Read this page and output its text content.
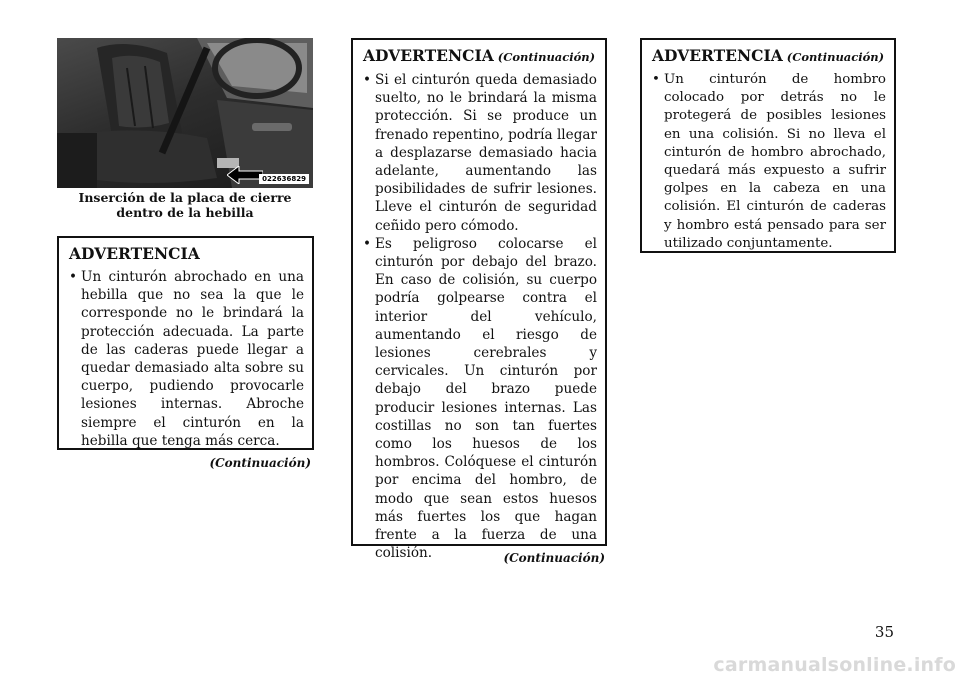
022636829
Inserción de la placa de cierre dentro de la hebilla
ADVERTENCIA

• Un cinturón abrochado en una hebilla que no sea la que le corresponde no le brindará la protección adecuada. La parte de las caderas puede llegar a quedar demasiado alta sobre su cuerpo, pudiendo provocarle lesiones internas. Abroche siempre el cinturón en la hebilla que tenga más cerca.

(Continuación)
ADVERTENCIA (Continuación)

• Si el cinturón queda demasiado suelto, no le brindará la misma protección. Si se produce un frenado repentino, podría llegar a desplazarse demasiado hacia adelante, aumentando las posibilidades de sufrir lesiones. Lleve el cinturón de seguridad ceñido pero cómodo.

• Es peligroso colocarse el cinturón por debajo del brazo. En caso de colisión, su cuerpo podría golpearse contra el interior del vehículo, aumentando el riesgo de lesiones cerebrales y cervicales. Un cinturón por debajo del brazo puede producir lesiones internas. Las costillas no son tan fuertes como los huesos de los hombros. Colóquese el cinturón por encima del hombro, de modo que sean estos huesos más fuertes los que hagan frente a la fuerza de una colisión.	(Continuación)
ADVERTENCIA (Continuación)

• Un cinturón de hombro colocado por detrás no le protegerá de posibles lesiones en una colisión. Si no lleva el cinturón de hombro abrochado, quedará más expuesto a sufrir golpes en la cabeza en una colisión. El cinturón de caderas y hombro está pensado para ser utilizado conjuntamente.

35
carmanualsonline.info
